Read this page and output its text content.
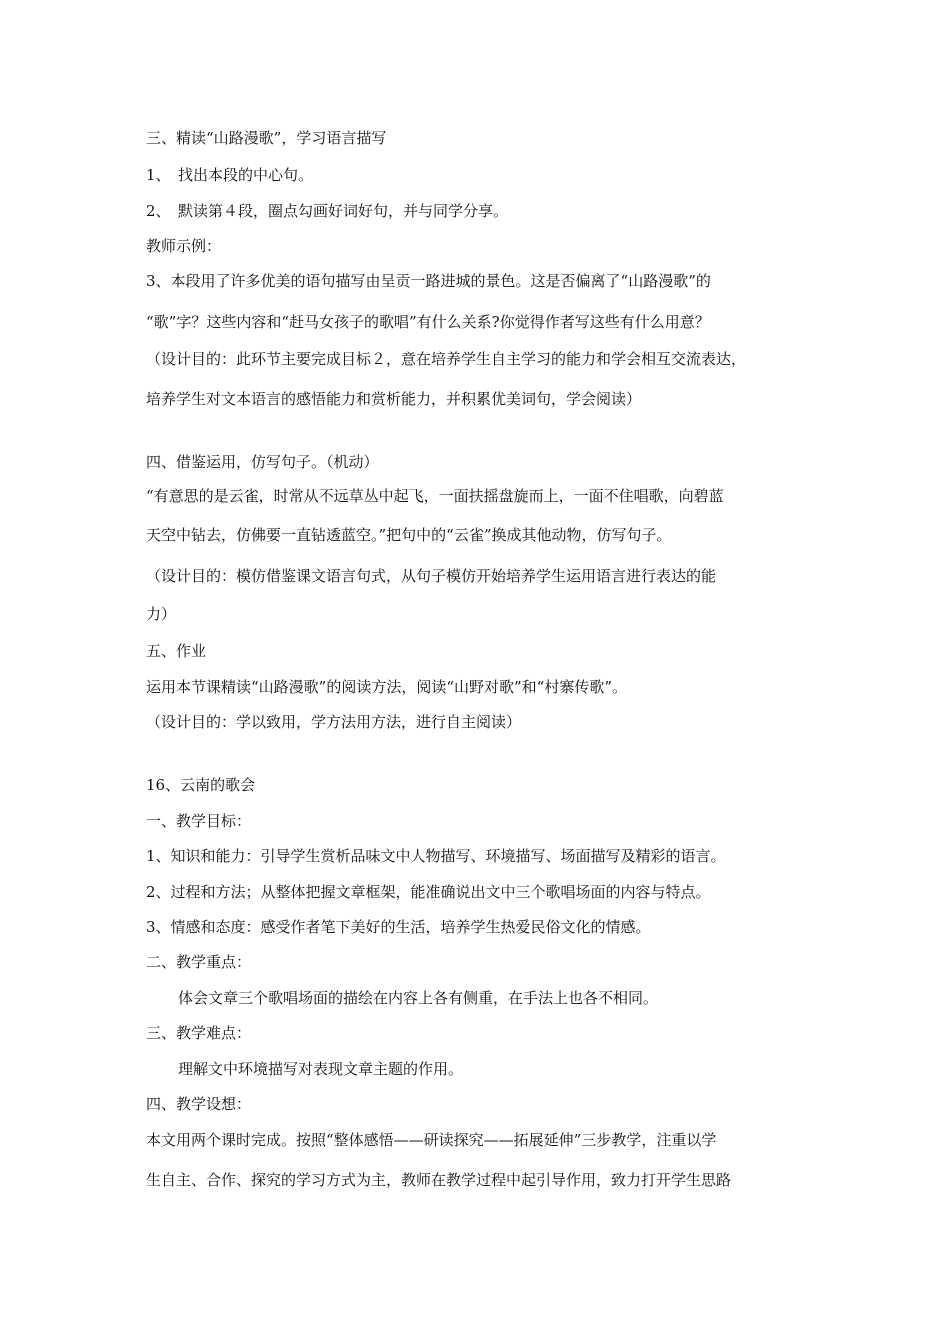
三、精读“山路漫歌”，学习语言描写
1、　找出本段的中心句。
2、　默读第４段，圈点勾画好词好句，并与同学分享。
教师示例：
3、本段用了许多优美的语句描写由呈贡一路进城的景色。这是否偏离了“山路漫歌”的
“歌”字？这些内容和“赶马女孩子的歌唱”有什么关系?你觉得作者写这些有什么用意？
（设计目的：此环节主要完成目标２，意在培养学生自主学习的能力和学会相互交流表达，
培养学生对文本语言的感悟能力和赏析能力，并积累优美词句，学会阅读）
四、借鉴运用，仿写句子。（机动）
“有意思的是云雀，时常从不远草丛中起飞，一面扶摇盘旋而上，一面不住唱歌，向碧蓝
天空中钻去，仿佛要一直钻透蓝空。”把句中的“云雀”换成其他动物，仿写句子。
（设计目的：模仿借鉴课文语言句式，从句子模仿开始培养学生运用语言进行表达的能
力）
五、作业
运用本节课精读“山路漫歌”的阅读方法，阅读“山野对歌”和“村寨传歌”。
（设计目的：学以致用，学方法用方法，进行自主阅读）
16、云南的歌会
一、教学目标：
1、知识和能力：引导学生赏析品味文中人物描写、环境描写、场面描写及精彩的语言。
2、过程和方法；从整体把握文章框架，能准确说出文中三个歌唱场面的内容与特点。
3、情感和态度：感受作者笔下美好的生活，培养学生热爱民俗文化的情感。
二、教学重点：
体会文章三个歌唱场面的描绘在内容上各有侧重，在手法上也各不相同。
三、教学难点：
理解文中环境描写对表现文章主题的作用。
四、教学设想：
本文用两个课时完成。按照“整体感悟——研读探究——拓展延伸”三步教学，注重以学
生自主、合作、探究的学习方式为主，教师在教学过程中起引导作用，致力打开学生思路
